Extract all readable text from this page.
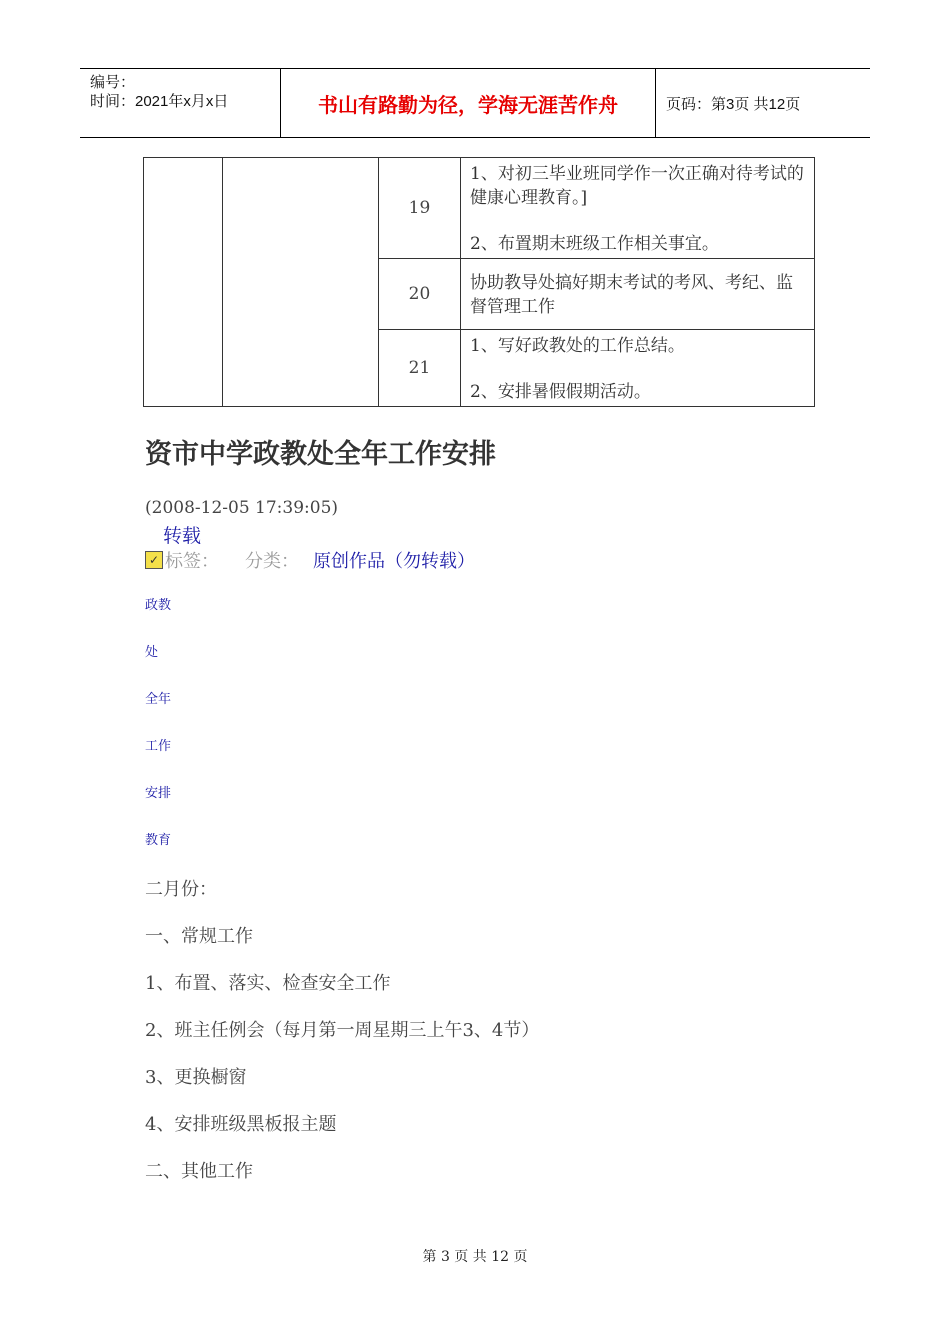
编号：
时间：2021年x月x日	书山有路勤为径，学海无涯苦作舟	页码：第3页 共12页
		19	1、对初三毕业班同学作一次正确对待考试的健康心理教育。]

2、布置期末班级工作相关事宜。

		20	协助教导处搞好期末考试的考风、考纪、监督管理工作

		21	1、写好政教处的工作总结。

2、安排暑假假期活动。

资市中学政教处全年工作安排
(2008-12-05 17:39:05)
转载
✓ 标签： 分类： 原创作品（勿转载）
政教
处
全年
工作
安排
教育
二月份：
一、常规工作
1、布置、落实、检查安全工作
2、班主任例会（每月第一周星期三上午3、4节）
3、更换橱窗
4、安排班级黑板报主题
二、其他工作
第 3 页 共 12 页
